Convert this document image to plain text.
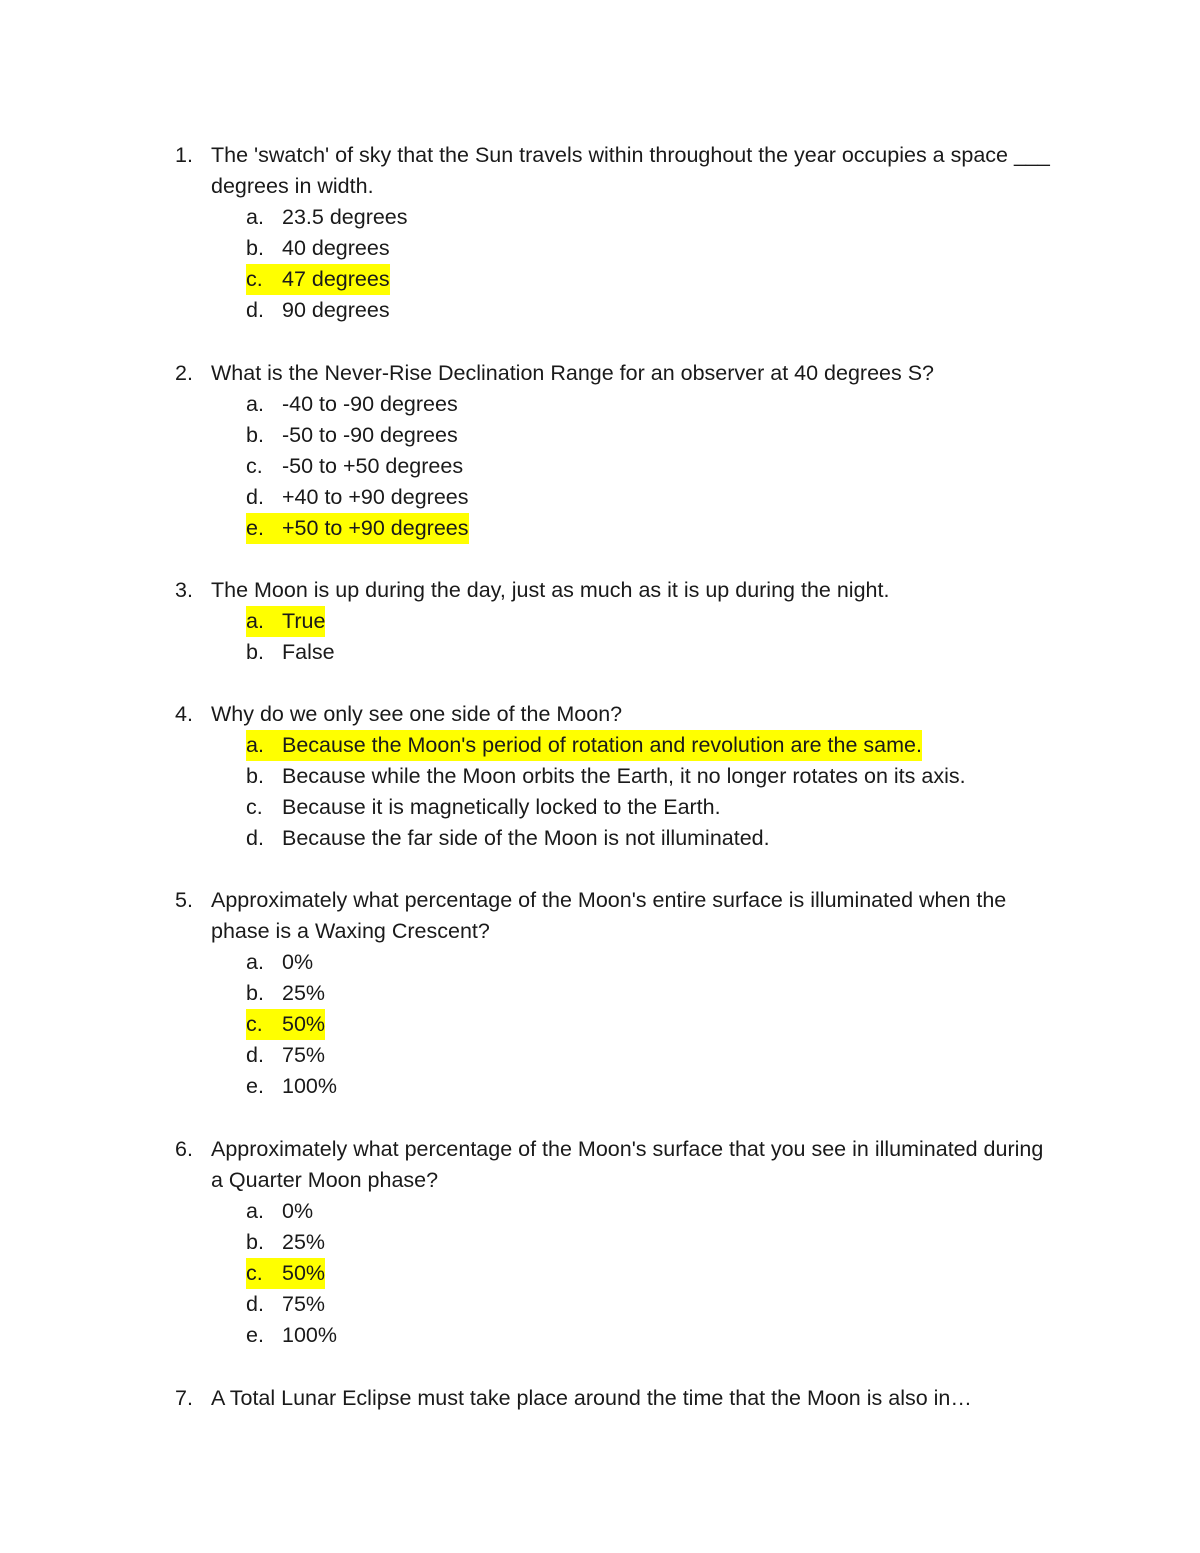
1. The 'swatch' of sky that the Sun travels within throughout the year occupies a space ___ degrees in width.
a. 23.5 degrees
b. 40 degrees
c. 47 degrees
d. 90 degrees
2. What is the Never-Rise Declination Range for an observer at 40 degrees S?
a. -40 to -90 degrees
b. -50 to -90 degrees
c. -50 to +50 degrees
d. +40 to +90 degrees
e. +50 to +90 degrees
3. The Moon is up during the day, just as much as it is up during the night.
a. True
b. False
4. Why do we only see one side of the Moon?
a. Because the Moon's period of rotation and revolution are the same.
b. Because while the Moon orbits the Earth, it no longer rotates on its axis.
c. Because it is magnetically locked to the Earth.
d. Because the far side of the Moon is not illuminated.
5. Approximately what percentage of the Moon's entire surface is illuminated when the phase is a Waxing Crescent?
a. 0%
b. 25%
c. 50%
d. 75%
e. 100%
6. Approximately what percentage of the Moon's surface that you see in illuminated during a Quarter Moon phase?
a. 0%
b. 25%
c. 50%
d. 75%
e. 100%
7. A Total Lunar Eclipse must take place around the time that the Moon is also in…
